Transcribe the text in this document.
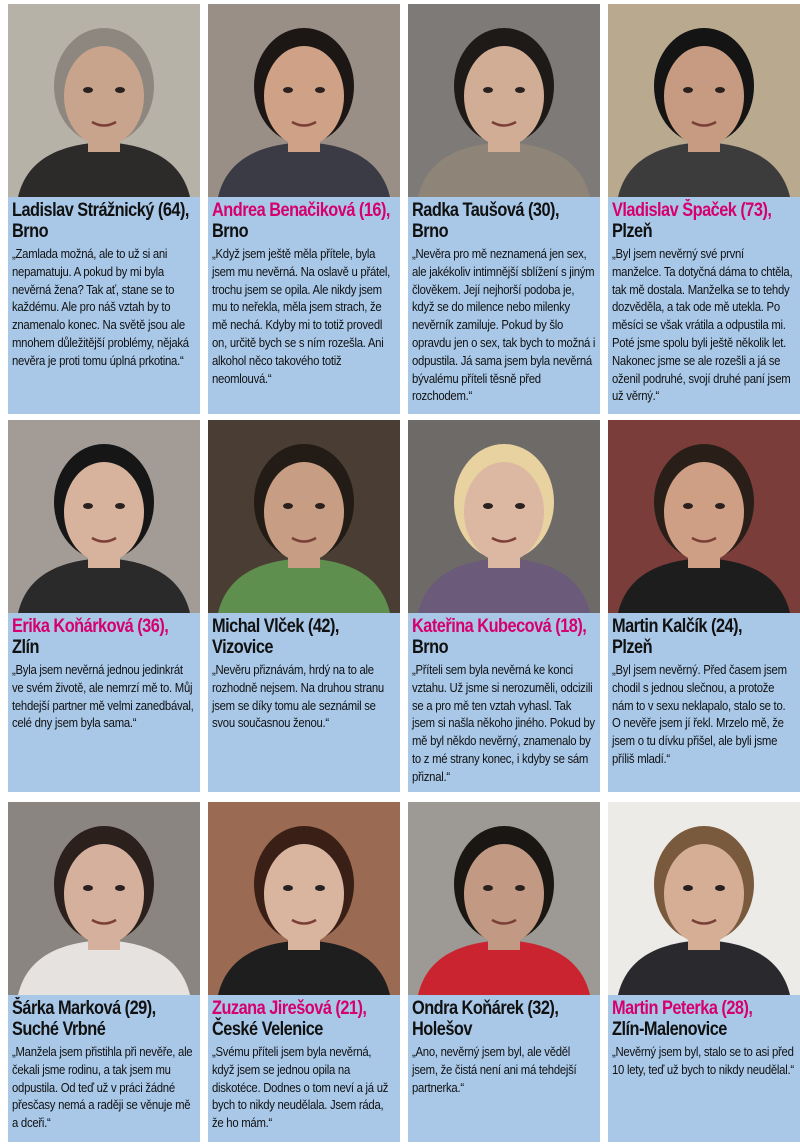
Ladislav Strážnický (64),
Brno
„Zamlada možná, ale to už si ani nepamatuju. A pokud by mi byla nevěrná žena? Tak ať, stane se to každému. Ale pro náš vztah by to znamenalo konec. Na světě jsou ale mnohem důležitější problémy, nějaká nevěra je proti tomu úplná prkotina.“
Andrea Benačiková (16),
Brno
„Když jsem ještě měla přítele, byla jsem mu nevěrná. Na oslavě u přátel, trochu jsem se opila. Ale nikdy jsem mu to neřekla, měla jsem strach, že mě nechá. Kdyby mi to totiž provedl on, určitě bych se s ním rozešla. Ani alkohol něco takového totiž neomlouvá.“
Radka Taušová (30),
Brno
„Nevěra pro mě neznamená jen sex, ale jakékoliv intimnější sblížení s jiným člověkem. Její nejhorší podoba je, když se do milence nebo milenky nevěrník zamiluje. Pokud by šlo opravdu jen o sex, tak bych to možná i odpustila. Já sama jsem byla nevěrná bývalému příteli těsně před rozchodem.“
Vladislav Špaček (73),
Plzeň
„Byl jsem nevěrný své první manželce. Ta dotyčná dáma to chtěla, tak mě dostala. Manželka se to tehdy dozvěděla, a tak ode mě utekla. Po měsíci se však vrátila a odpustila mi. Poté jsme spolu byli ještě několik let. Nakonec jsme se ale rozešli a já se oženil podruhé, svojí druhé paní jsem už věrný.“
Erika Koňárková (36),
Zlín
„Byla jsem nevěrná jednou jedinkrát ve svém životě, ale nemrzí mě to. Můj tehdejší partner mě velmi zanedbával, celé dny jsem byla sama.“
Michal Vlček (42),
Vizovice
„Nevěru přiznávám, hrdý na to ale rozhodně nejsem. Na druhou stranu jsem se díky tomu ale seznámil se svou současnou ženou.“
Kateřina Kubecová (18),
Brno
„Příteli sem byla nevěrná ke konci vztahu. Už jsme si nerozuměli, odcizili se a pro mě ten vztah vyhasl. Tak jsem si našla někoho jiného. Pokud by mě byl někdo nevěrný, znamenalo by to z mé strany konec, i kdyby se sám přiznal.“
Martin Kalčík (24),
Plzeň
„Byl jsem nevěrný. Před časem jsem chodil s jednou slečnou, a protože nám to v sexu neklapalo, stalo se to. O nevěře jsem jí řekl. Mrzelo mě, že jsem o tu dívku přišel, ale byli jsme příliš mladí.“
Šárka Marková (29),
Suché Vrbné
„Manžela jsem přistihla při nevěře, ale čekali jsme rodinu, a tak jsem mu odpustila. Od teď už v práci žádné přesčasy nemá a raději se věnuje mě a dceři.“
Zuzana Jirešová (21),
České Velenice
„Svému příteli jsem byla nevěrná, když jsem se jednou opila na diskotéce. Dodnes o tom neví a já už bych to nikdy neudělala. Jsem ráda, že ho mám.“
Ondra Koňárek (32),
Holešov
„Ano, nevěrný jsem byl, ale věděl jsem, že čistá není ani má tehdejší partnerka.“
Martin Peterka (28),
Zlín-Malenovice
„Nevěrný jsem byl, stalo se to asi před 10 lety, teď už bych to nikdy neudělal.“
